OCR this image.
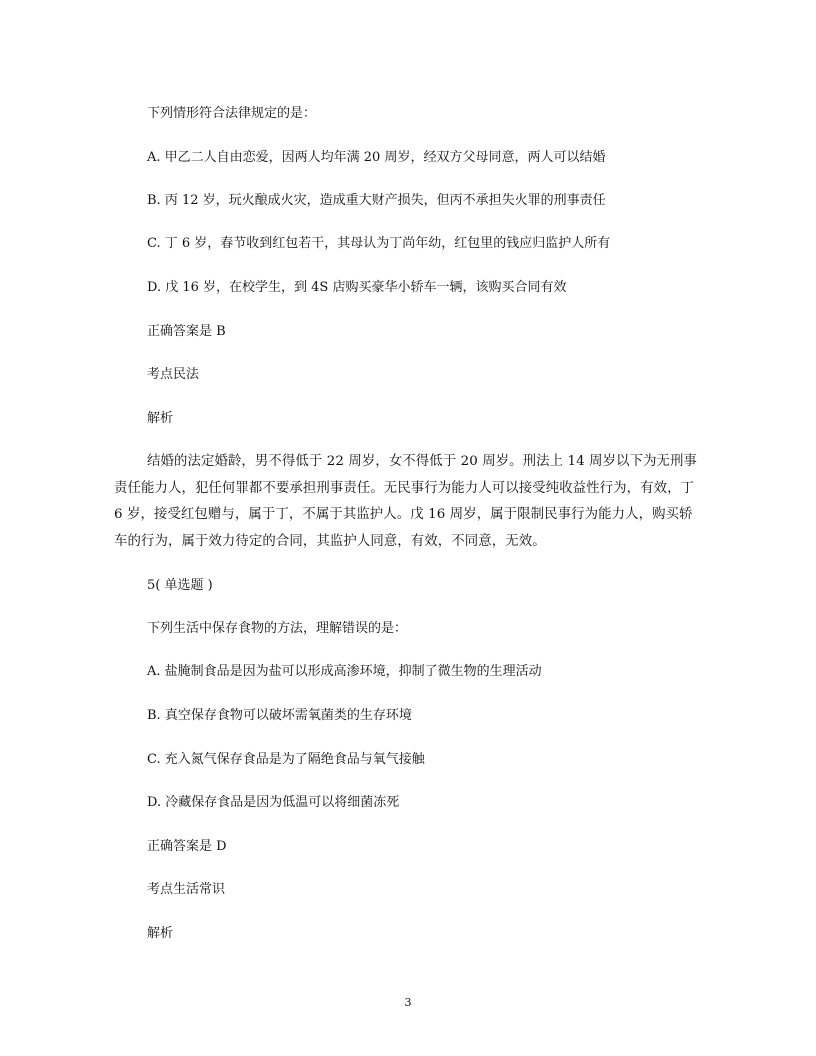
下列情形符合法律规定的是：
A. 甲乙二人自由恋爱，因两人均年满 20 周岁，经双方父母同意，两人可以结婚
B. 丙 12 岁，玩火酿成火灾，造成重大财产损失，但丙不承担失火罪的刑事责任
C. 丁 6 岁，春节收到红包若干，其母认为丁尚年幼，红包里的钱应归监护人所有
D. 戊 16 岁，在校学生，到 4S 店购买豪华小轿车一辆，该购买合同有效
正确答案是 B
考点民法
解析

结婚的法定婚龄，男不得低于 22 周岁，女不得低于 20 周岁。刑法上 14 周岁以下为无刑事责任能力人，犯任何罪都不要承担刑事责任。无民事行为能力人可以接受纯收益性行为，有效，丁 6 岁，接受红包赠与，属于丁，不属于其监护人。戊 16 周岁，属于限制民事行为能力人，购买轿车的行为，属于效力待定的合同，其监护人同意，有效，不同意，无效。

5( 单选题 )
下列生活中保存食物的方法，理解错误的是：
A. 盐腌制食品是因为盐可以形成高渗环境，抑制了微生物的生理活动
B. 真空保存食物可以破坏需氧菌类的生存环境
C. 充入氮气保存食品是为了隔绝食品与氧气接触
D. 冷藏保存食品是因为低温可以将细菌冻死
正确答案是 D
考点生活常识
解析
3
